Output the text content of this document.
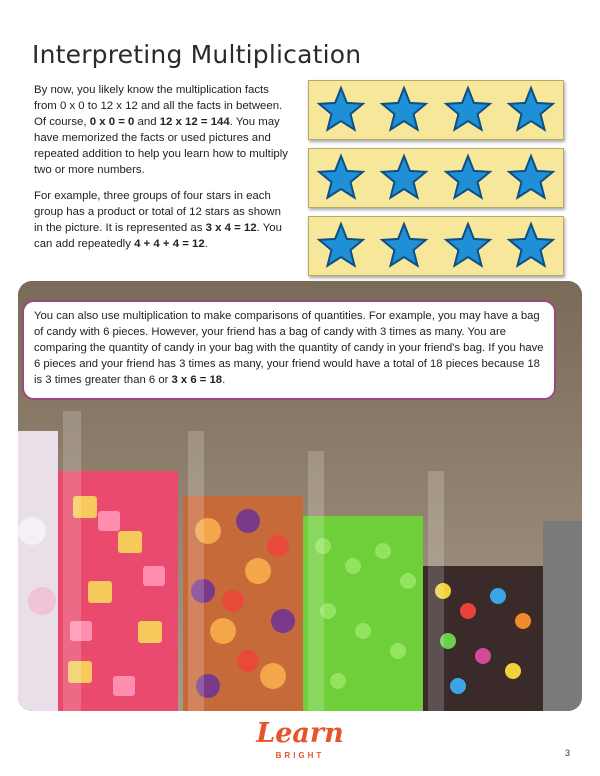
Interpreting Multiplication
By now, you likely know the multiplication facts from 0 x 0 to 12 x 12 and all the facts in between. Of course, 0 x 0 = 0 and 12 x 12 = 144. You may have memorized the facts or used pictures and repeated addition to help you learn how to multiply two or more numbers.
For example, three groups of four stars in each group has a product or total of 12 stars as shown in the picture. It is represented as 3 x 4 = 12. You can add repeatedly 4 + 4 + 4 = 12.
You can also use multiplication to make comparisons of quantities. For example, you may have a bag of candy with 6 pieces. However, your friend has a bag of candy with 3 times as many. You are comparing the quantity of candy in your bag with the quantity of candy in your friend's bag. If you have 6 pieces and your friend has 3 times as many, your friend would have a total of 18 pieces because 18 is 3 times greater than 6 or 3 x 6 = 18.
Learn
BRIGHT	3
